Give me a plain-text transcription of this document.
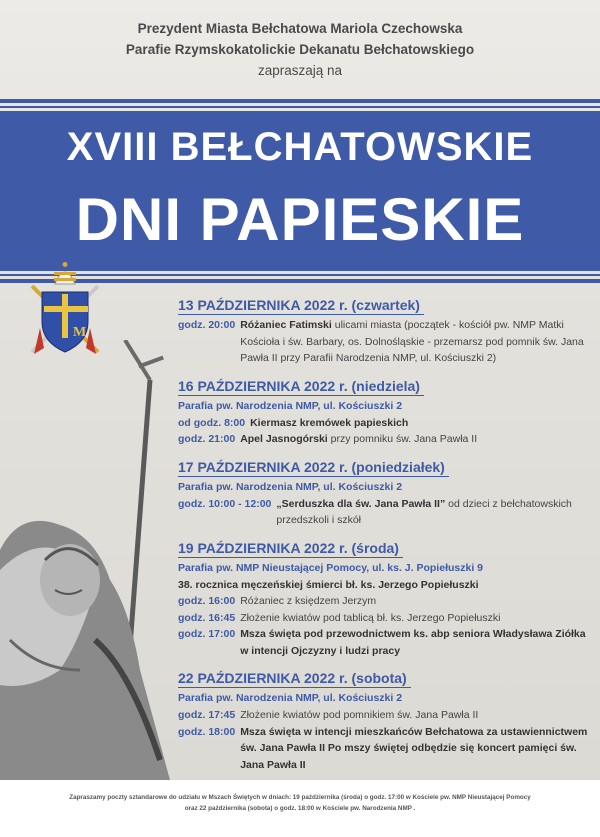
Prezydent Miasta Bełchatowa Mariola Czechowska
Parafie Rzymskokatolickie Dekanatu Bełchatowskiego
zapraszają na
XVIII BEŁCHATOWSKIE
DNI PAPIESKIE
M
13 PAŹDZIERNIKA 2022 r. (czwartek)
godz. 20:00 Różaniec Fatimski ulicami miasta (początek - kościół pw. NMP Matki Kościoła i św. Barbary, os. Dolnośląskie - przemarsz pod pomnik św. Jana Pawła II przy Parafii Narodzenia NMP, ul. Kościuszki 2)
16 PAŹDZIERNIKA 2022 r. (niedziela)
Parafia pw. Narodzenia NMP, ul. Kościuszki 2
od godz. 8:00 Kiermasz kremówek papieskich
godz. 21:00 Apel Jasnogórski przy pomniku św. Jana Pawła II
17 PAŹDZIERNIKA 2022 r. (poniedziałek)
Parafia pw. Narodzenia NMP, ul. Kościuszki 2
godz. 10:00 - 12:00 „Serduszka dla św. Jana Pawła II” od dzieci z bełchatowskich przedszkoli i szkół
19 PAŹDZIERNIKA 2022 r. (środa)
Parafia pw. NMP Nieustającej Pomocy, ul. ks. J. Popiełuszki 9
38. rocznica męczeńskiej śmierci bł. ks. Jerzego Popiełuszki
godz. 16:00 Różaniec z księdzem Jerzym
godz. 16:45 Złożenie kwiatów pod tablicą bł. ks. Jerzego Popiełuszki
godz. 17:00 Msza święta pod przewodnictwem ks. abp seniora Władysława Ziółka w intencji Ojczyzny i ludzi pracy
22 PAŹDZIERNIKA 2022 r. (sobota)
Parafia pw. Narodzenia NMP, ul. Kościuszki 2
godz. 17:45 Złożenie kwiatów pod pomnikiem św. Jana Pawła II
godz. 18:00 Msza święta w intencji mieszkańców Bełchatowa za ustawiennictwem św. Jana Pawła II Po mszy świętej odbędzie się koncert pamięci św. Jana Pawła II
Zapraszamy poczty sztandarowe do udziału w Mszach Świętych w dniach: 19 października (środa) o godz. 17:00 w Kościele pw. NMP Nieustającej Pomocy
oraz 22 października (sobota) o godz. 18:00 w Kościele pw. Narodzenia NMP .
